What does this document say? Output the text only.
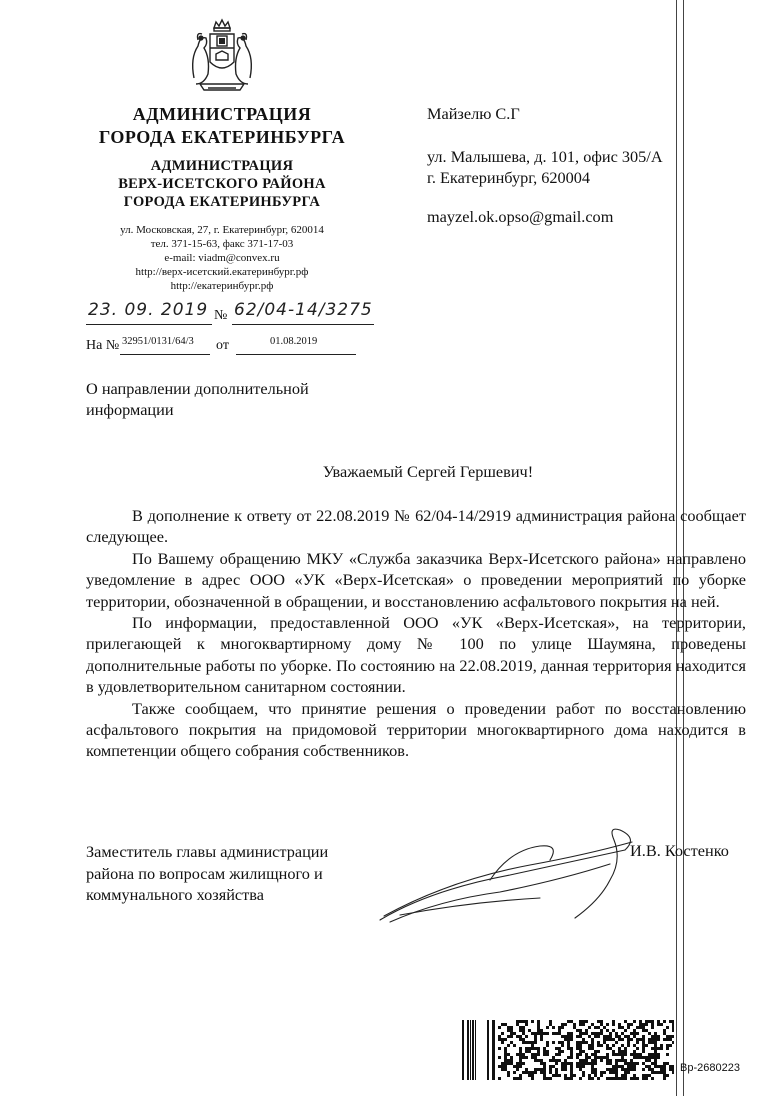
АДМИНИСТРАЦИЯ
ГОРОДА ЕКАТЕРИНБУРГА
АДМИНИСТРАЦИЯ
ВЕРХ-ИСЕТСКОГО РАЙОНА
ГОРОДА ЕКАТЕРИНБУРГА
ул. Московская, 27, г. Екатеринбург, 620014
тел. 371-15-63, факс 371-17-03
e-mail: viadm@convex.ru
http://верх-исетский.екатеринбург.рф
http://екатеринбург.рф
23. 09. 2019 № 62/04-14/3275
На № 32951/0131/64/3 от	01.08.2019
Майзелю С.Г
ул. Малышева, д. 101, офис 305/А
г. Екатеринбург, 620004
mayzel.ok.opso@gmail.com
О направлении дополнительной
информации
Уважаемый Сергей Гершевич!

В дополнение к ответу от 22.08.2019 № 62/04-14/2919 администрация района сообщает следующее.

По Вашему обращению МКУ «Служба заказчика Верх-Исетского района» направлено уведомление в адрес ООО «УК «Верх-Исетская» о проведении мероприятий по уборке территории, обозначенной в обращении, и восстановлению асфальтового покрытия на ней.

По информации, предоставленной ООО «УК «Верх-Исетская», на территории, прилегающей к многоквартирному дому № 100 по улице Шаумяна, проведены дополнительные работы по уборке. По состоянию на 22.08.2019, данная территория находится в удовлетворительном санитарном состоянии.

Также сообщаем, что принятие решения о проведении работ по восстановлению асфальтового покрытия на придомовой территории многоквартирного дома находится в компетенции общего собрания собственников.

Заместитель главы администрации
района по вопросам жилищного и
коммунального хозяйства
И.В. Костенко
Вр-2680223
